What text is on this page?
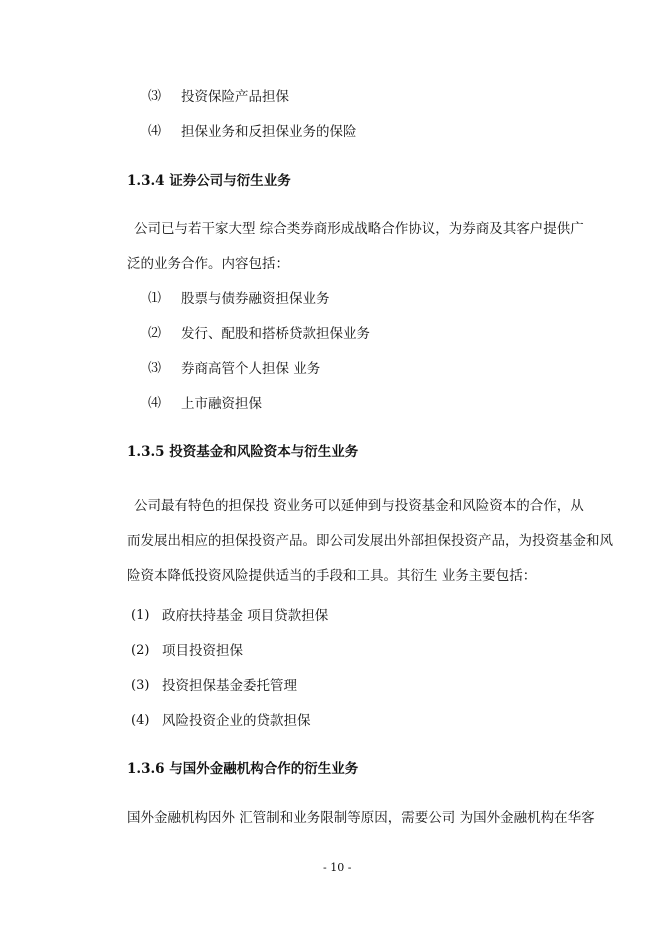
⑶ 投资保险产品担保
⑷ 担保业务和反担保业务的保险
1.3.4 证券公司与衍生业务
公司已与若干家大型 综合类券商形成战略合作协议，为券商及其客户提供广
泛的业务合作。内容包括：
⑴ 股票与债券融资担保业务
⑵ 发行、配股和搭桥贷款担保业务
⑶ 券商高管个人担保 业务
⑷ 上市融资担保
1.3.5 投资基金和风险资本与衍生业务
公司最有特色的担保投 资业务可以延伸到与投资基金和风险资本的合作，从
而发展出相应的担保投资产品。即公司发展出外部担保投资产品，为投资基金和风
险资本降低投资风险提供适当的手段和工具。其衍生 业务主要包括：
(1) 政府扶持基金 项目贷款担保
(2) 项目投资担保
(3) 投资担保基金委托管理
(4) 风险投资企业的贷款担保
1.3.6 与国外金融机构合作的衍生业务
国外金融机构因外 汇管制和业务限制等原因，需要公司 为国外金融机构在华客
- 10 -
